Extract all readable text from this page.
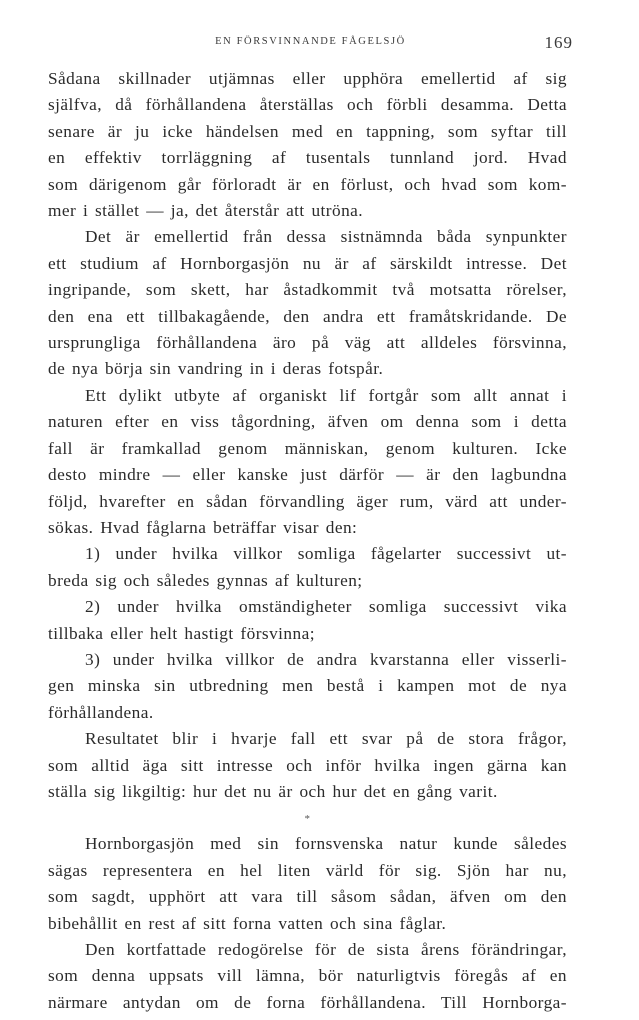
EN FÖRSVINNANDE FÅGELSJÖ	169
Sådana skillnader utjämnas eller upphöra emellertid af sig
själfva, då förhållandena återställas och förbli desamma. Detta
senare är ju icke händelsen med en tappning, som syftar till
en effektiv torrläggning af tusentals tunnland jord. Hvad
som därigenom går förloradt är en förlust, och hvad som kom-
mer i stället — ja, det återstår att utröna.
Det är emellertid från dessa sistnämnda båda synpunkter
ett studium af Hornborgasjön nu är af särskildt intresse. Det
ingripande, som skett, har åstadkommit två motsatta rörelser,
den ena ett tillbakagående, den andra ett framåtskridande. De
ursprungliga förhållandena äro på väg att alldeles försvinna,
de nya börja sin vandring in i deras fotspår.
Ett dylikt utbyte af organiskt lif fortgår som allt annat i
naturen efter en viss tågordning, äfven om denna som i detta
fall är framkallad genom människan, genom kulturen. Icke
desto mindre — eller kanske just därför — är den lagbundna
följd, hvarefter en sådan förvandling äger rum, värd att under-
sökas. Hvad fåglarna beträffar visar den:
1) under hvilka villkor somliga fågelarter successivt ut-
breda sig och således gynnas af kulturen;
2) under hvilka omständigheter somliga successivt vika
tillbaka eller helt hastigt försvinna;
3) under hvilka villkor de andra kvarstanna eller visserli-
gen minska sin utbredning men bestå i kampen mot de nya
förhållandena.
Resultatet blir i hvarje fall ett svar på de stora frågor,
som alltid äga sitt intresse och inför hvilka ingen gärna kan
ställa sig likgiltig: hur det nu är och hur det en gång varit.
*
Hornborgasjön med sin fornsvenska natur kunde således
sägas representera en hel liten värld för sig. Sjön har nu,
som sagdt, upphört att vara till såsom sådan, äfven om den
bibehållit en rest af sitt forna vatten och sina fåglar.
Den kortfattade redogörelse för de sista årens förändringar,
som denna uppsats vill lämna, bör naturligtvis föregås af en
närmare antydan om de forna förhållandena. Till Hornborga-
